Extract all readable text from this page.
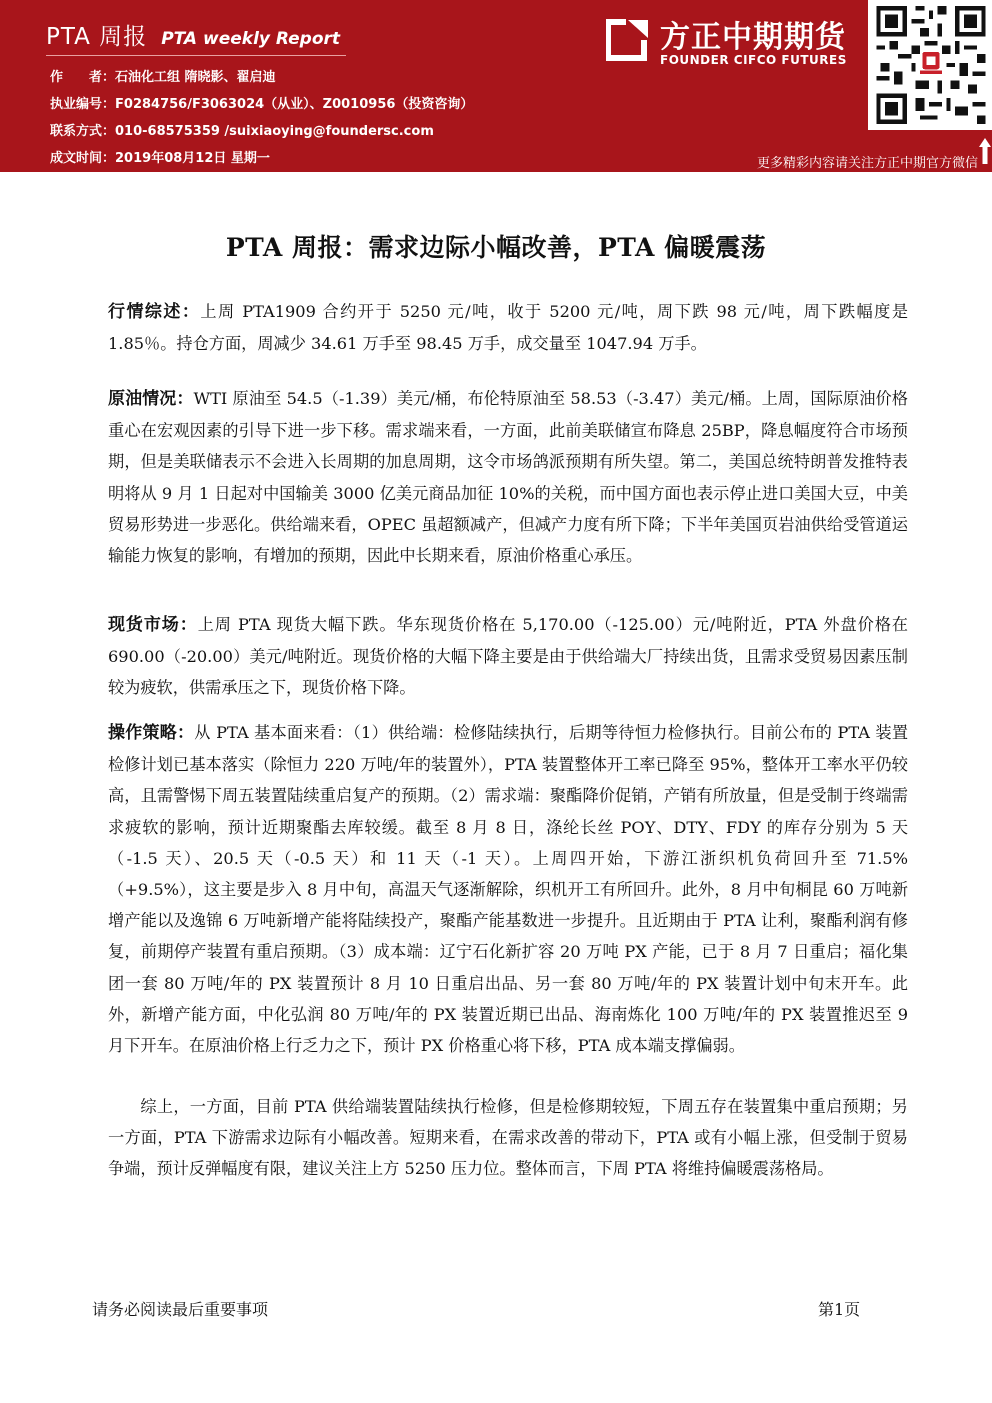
PTA 周报 PTA weekly Report
作　　者：石油化工组 隋晓影、翟启迪
执业编号：F0284756/F3063024（从业）、Z0010956（投资咨询）
联系方式：010-68575359 /suixiaoying@foundersc.com
成文时间：2019年08月12日 星期一
方正中期期货
FOUNDER CIFCO FUTURES
更多精彩内容请关注方正中期官方微信
PTA 周报：需求边际小幅改善，PTA 偏暖震荡
行情综述：上周 PTA1909 合约开于 5250 元/吨，收于 5200 元/吨，周下跌 98 元/吨，周下跌幅度是 1.85％。持仓方面，周减少 34.61 万手至 98.45 万手，成交量至 1047.94 万手。
原油情况：WTI 原油至 54.5（-1.39）美元/桶，布伦特原油至 58.53（-3.47）美元/桶。上周，国际原油价格重心在宏观因素的引导下进一步下移。需求端来看，一方面，此前美联储宣布降息 25BP，降息幅度符合市场预期，但是美联储表示不会进入长周期的加息周期，这令市场鸽派预期有所失望。第二，美国总统特朗普发推特表明将从 9 月 1 日起对中国输美 3000 亿美元商品加征 10%的关税，而中国方面也表示停止进口美国大豆，中美贸易形势进一步恶化。供给端来看，OPEC 虽超额减产，但减产力度有所下降；下半年美国页岩油供给受管道运输能力恢复的影响，有增加的预期，因此中长期来看，原油价格重心承压。
现货市场：上周 PTA 现货大幅下跌。华东现货价格在 5,170.00（-125.00）元/吨附近，PTA 外盘价格在 690.00（-20.00）美元/吨附近。现货价格的大幅下降主要是由于供给端大厂持续出货，且需求受贸易因素压制较为疲软，供需承压之下，现货价格下降。
操作策略：从 PTA 基本面来看：（1）供给端：检修陆续执行，后期等待恒力检修执行。目前公布的 PTA 装置检修计划已基本落实（除恒力 220 万吨/年的装置外），PTA 装置整体开工率已降至 95%，整体开工率水平仍较高，且需警惕下周五装置陆续重启复产的预期。（2）需求端：聚酯降价促销，产销有所放量，但是受制于终端需求疲软的影响，预计近期聚酯去库较缓。截至 8 月 8 日，涤纶长丝 POY、DTY、FDY 的库存分别为 5 天（-1.5 天）、20.5 天（-0.5 天）和 11 天（-1 天）。上周四开始，下游江浙织机负荷回升至 71.5%（+9.5%），这主要是步入 8 月中旬，高温天气逐渐解除，织机开工有所回升。此外，8 月中旬桐昆 60 万吨新增产能以及逸锦 6 万吨新增产能将陆续投产，聚酯产能基数进一步提升。且近期由于 PTA 让利，聚酯利润有修复，前期停产装置有重启预期。（3）成本端：辽宁石化新扩容 20 万吨 PX 产能，已于 8 月 7 日重启；福化集团一套 80 万吨/年的 PX 装置预计 8 月 10 日重启出品、另一套 80 万吨/年的 PX 装置计划中旬末开车。此外，新增产能方面，中化弘润 80 万吨/年的 PX 装置近期已出品、海南炼化 100 万吨/年的 PX 装置推迟至 9 月下开车。在原油价格上行乏力之下，预计 PX 价格重心将下移，PTA 成本端支撑偏弱。
综上，一方面，目前 PTA 供给端装置陆续执行检修，但是检修期较短，下周五存在装置集中重启预期；另一方面，PTA 下游需求边际有小幅改善。短期来看，在需求改善的带动下，PTA 或有小幅上涨，但受制于贸易争端，预计反弹幅度有限，建议关注上方 5250 压力位。整体而言，下周 PTA 将维持偏暖震荡格局。
请务必阅读最后重要事项	第1页
